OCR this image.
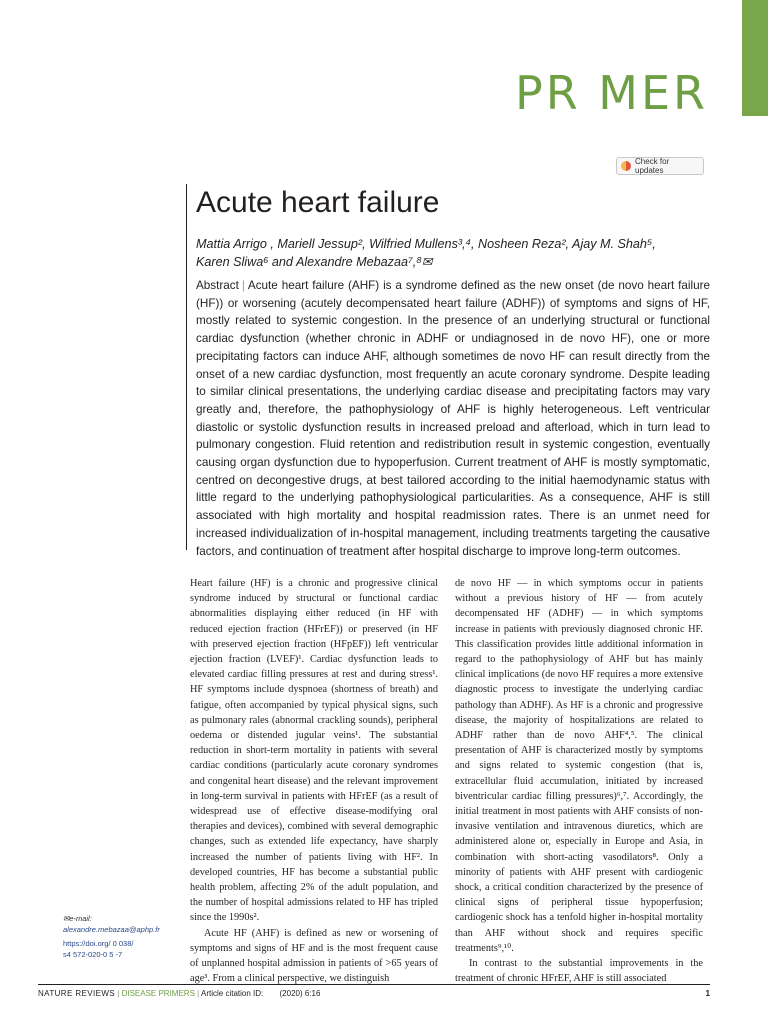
PR MER
Check for updates
Acute heart failure
Mattia Arrigo , Mariell Jessup², Wilfried Mullens³,⁴, Nosheen Reza², Ajay M. Shah⁵,
Karen Sliwa⁶ and Alexandre Mebazaa⁷,⁸✉
Abstract | Acute heart failure (AHF) is a syndrome defined as the new onset (de novo heart failure (HF)) or worsening (acutely decompensated heart failure (ADHF)) of symptoms and signs of HF, mostly related to systemic congestion. In the presence of an underlying structural or functional cardiac dysfunction (whether chronic in ADHF or undiagnosed in de novo HF), one or more precipitating factors can induce AHF, although sometimes de novo HF can result directly from the onset of a new cardiac dysfunction, most frequently an acute coronary syndrome. Despite leading to similar clinical presentations, the underlying cardiac disease and precipitating factors may vary greatly and, therefore, the pathophysiology of AHF is highly heterogeneous. Left ventricular diastolic or systolic dysfunction results in increased preload and afterload, which in turn lead to pulmonary congestion. Fluid retention and redistribution result in systemic congestion, eventually causing organ dysfunction due to hypoperfusion. Current treatment of AHF is mostly symptomatic, centred on decongestive drugs, at best tailored according to the initial haemodynamic status with little regard to the underlying pathophysiological particularities. As a consequence, AHF is still associated with high mortality and hospital readmission rates. There is an unmet need for increased individualization of in-hospital management, including treatments targeting the causative factors, and continuation of treatment after hospital discharge to improve long-term outcomes.

Heart failure (HF) is a chronic and progressive clinical syndrome induced by structural or functional cardiac abnormalities displaying either reduced (in HF with reduced ejection fraction (HFrEF)) or preserved (in HF with preserved ejection fraction (HFpEF)) left ventricular ejection fraction (LVEF)¹. Cardiac dysfunction leads to elevated cardiac filling pressures at rest and during stress¹. HF symptoms include dyspnoea (shortness of breath) and fatigue, often accompanied by typical physical signs, such as pulmonary rales (abnormal crackling sounds), peripheral oedema or distended jugular veins¹. The substantial reduction in short-term mortality in patients with several cardiac conditions (particularly acute coronary syndromes and congenital heart disease) and the relevant improvement in long-term survival in patients with HFrEF (as a result of widespread use of effective disease-modifying oral therapies and devices), combined with several demographic changes, such as extended life expectancy, have sharply increased the number of patients living with HF². In developed countries, HF has become a substantial public health problem, affecting 2% of the adult population, and the number of hospital admissions related to HF has tripled since the 1990s².

Acute HF (AHF) is defined as new or worsening of symptoms and signs of HF and is the most frequent cause of unplanned hospital admission in patients of >65 years of age³. From a clinical perspective, we distinguish

de novo HF — in which symptoms occur in patients without a previous history of HF — from acutely decompensated HF (ADHF) — in which symptoms increase in patients with previously diagnosed chronic HF. This classification provides little additional information in regard to the pathophysiology of AHF but has mainly clinical implications (de novo HF requires a more extensive diagnostic process to investigate the underlying cardiac pathology than ADHF). As HF is a chronic and progressive disease, the majority of hospitalizations are related to ADHF rather than de novo AHF⁴,⁵. The clinical presentation of AHF is characterized mostly by symptoms and signs related to systemic congestion (that is, extracellular fluid accumulation, initiated by increased biventricular cardiac filling pressures)⁶,⁷. Accordingly, the initial treatment in most patients with AHF consists of non-invasive ventilation and intravenous diuretics, which are administered alone or, especially in Europe and Asia, in combination with short-acting vasodilators⁸. Only a minority of patients with AHF present with cardiogenic shock, a critical condition characterized by the presence of clinical signs of peripheral tissue hypoperfusion; cardiogenic shock has a tenfold higher in-hospital mortality than AHF without shock and requires specific treatments⁹,¹⁰.

In contrast to the substantial improvements in the treatment of chronic HFrEF, AHF is still associated

✉e-mail:
alexandre.mebazaa@aphp.fr
https://doi.org/ 0 038/
s4 572-020-0 5 -7
NATURE REVIEWS | DISEASE PRIMERS | Article citation ID: (2020) 6:16	1
